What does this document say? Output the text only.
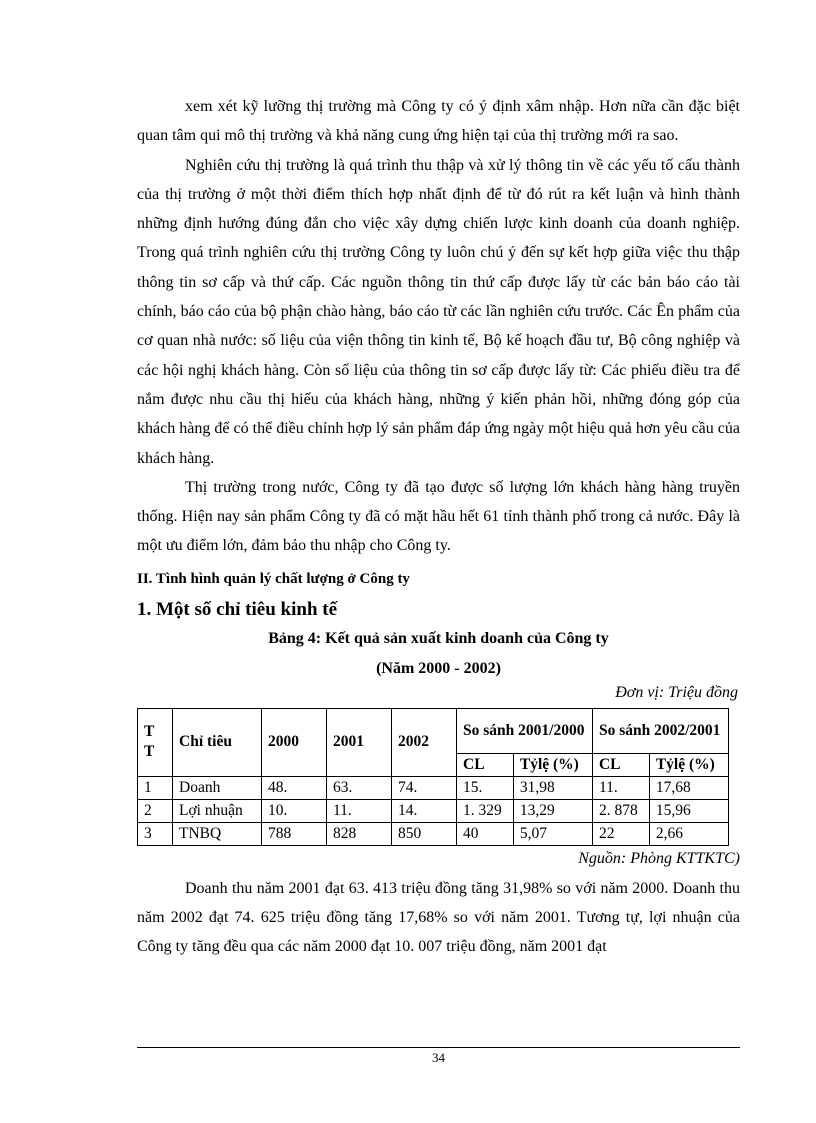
xem xét kỹ lưỡng thị trường mà Công ty có ý định xâm nhập. Hơn nữa cần đặc biệt quan tâm qui mô thị trường và khả năng cung ứng hiện tại của thị trường mới ra sao.

Nghiên cứu thị trường là quá trình thu thập và xử lý thông tin về các yếu tố cấu thành của thị trường ở một thời điểm thích hợp nhất định để từ đó rút ra kết luận và hình thành những định hướng đúng đắn cho việc xây dựng chiến lược kinh doanh của doanh nghiệp. Trong quá trình nghiên cứu thị trường Công ty luôn chú ý đến sự kết hợp giữa việc thu thập thông tin sơ cấp và thứ cấp. Các nguồn thông tin thứ cấp được lấy từ các bản báo cáo tài chính, báo cáo của bộ phận chào hàng, báo cáo từ các lần nghiên cứu trước. Các Ên phẩm của cơ quan nhà nước: số liệu của viện thông tin kinh tế, Bộ kế hoạch đầu tư, Bộ công nghiệp và các hội nghị khách hàng. Còn số liệu của thông tin sơ cấp được lấy từ: Các phiếu điều tra để nắm được nhu cầu thị hiếu của khách hàng, những ý kiến phản hồi, những đóng góp của khách hàng để có thể điều chỉnh hợp lý sản phẩm đáp ứng ngày một hiệu quả hơn yêu cầu của khách hàng.

Thị trường trong nước, Công ty đã tạo được số lượng lớn khách hàng hàng truyền thống. Hiện nay sản phẩm Công ty đã có mặt hầu hết 61 tỉnh thành phố trong cả nước. Đây là một ưu điểm lớn, đảm bảo thu nhập cho Công ty.

II. Tình hình quản lý chất lượng ở Công ty
1. Một số chỉ tiêu kinh tế
Bảng 4: Kết quả sản xuất kinh doanh của Công ty
(Năm 2000 - 2002)
Đơn vị: Triệu đồng
T T	Chỉ tiêu	2000	2001	2002	So sánh 2001/2000		So sánh 2002/2001	
					CL	Tỷlệ (%)	CL	Tỷlệ (%)
1	Doanh	48.	63.	74.	15.	31,98	11.	17,68
2	Lợi nhuận	10.	11.	14.	1. 329	13,29	2. 878	15,96
3	TNBQ	788	828	850	40	5,07	22	2,66
Nguồn: Phòng KTTKTC)

Doanh thu năm 2001 đạt 63. 413 triệu đồng tăng 31,98% so với năm 2000. Doanh thu năm 2002 đạt 74. 625 triệu đồng tăng 17,68% so với năm 2001. Tương tự, lợi nhuận của Công ty tăng đều qua các năm 2000 đạt 10. 007 triệu đồng, năm 2001 đạt

34
